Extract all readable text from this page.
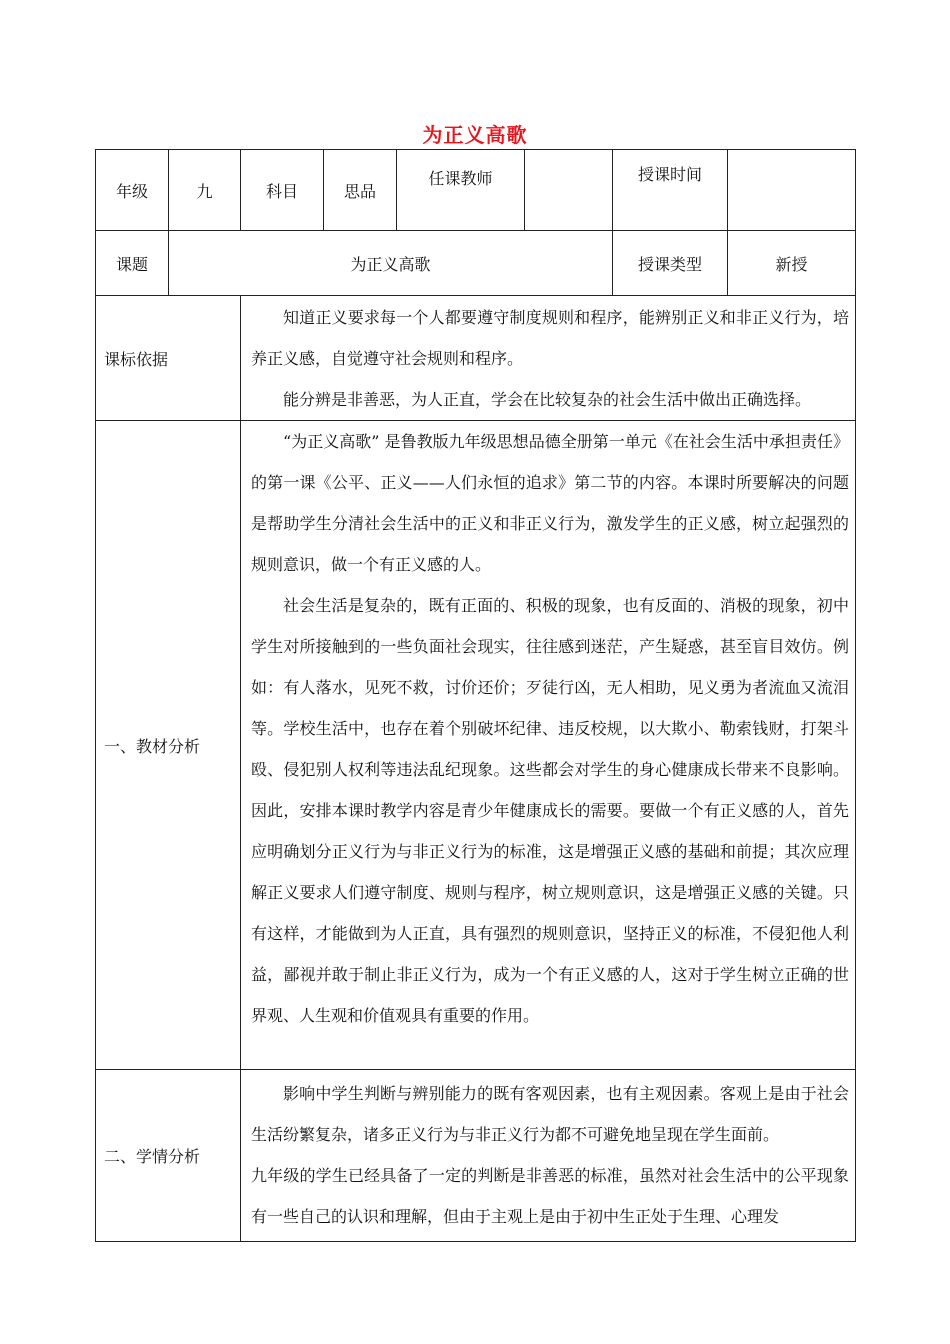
为正义高歌
年级	九	科目	思品	任课教师		授课时间	
课题	为正义高歌					授课类型	新授

课标依据		知道正义要求每一个人都要遵守制度规则和程序，能辨别正义和非正义行为，培养正义感，自觉遵守社会规则和程序。

能分辨是非善恶，为人正直，学会在比较复杂的社会生活中做出正确选择。					

一、教材分析		“为正义高歌” 是鲁教版九年级思想品德全册第一单元《在社会生活中承担责任》的第一课《公平、正义——人们永恒的追求》第二节的内容。本课时所要解决的问题是帮助学生分清社会生活中的正义和非正义行为，激发学生的正义感，树立起强烈的规则意识，做一个有正义感的人。

社会生活是复杂的，既有正面的、积极的现象，也有反面的、消极的现象，初中学生对所接触到的一些负面社会现实，往往感到迷茫，产生疑惑，甚至盲目效仿。例如：有人落水，见死不救，讨价还价；歹徒行凶，无人相助，见义勇为者流血又流泪等。学校生活中，也存在着个别破坏纪律、违反校规，以大欺小、勒索钱财，打架斗殴、侵犯别人权利等违法乱纪现象。这些都会对学生的身心健康成长带来不良影响。因此，安排本课时教学内容是青少年健康成长的需要。要做一个有正义感的人，首先应明确划分正义行为与非正义行为的标准，这是增强正义感的基础和前提；其次应理解正义要求人们遵守制度、规则与程序，树立规则意识，这是增强正义感的关键。只有这样，才能做到为人正直，具有强烈的规则意识，坚持正义的标准，不侵犯他人利益，鄙视并敢于制止非正义行为，成为一个有正义感的人，这对于学生树立正确的世界观、人生观和价值观具有重要的作用。					

二、学情分析		影响中学生判断与辨别能力的既有客观因素，也有主观因素。客观上是由于社会生活纷繁复杂，诸多正义行为与非正义行为都不可避免地呈现在学生面前。

九年级的学生已经具备了一定的判断是非善恶的标准，虽然对社会生活中的公平现象有一些自己的认识和理解，但由于主观上是由于初中生正处于生理、心理发					
